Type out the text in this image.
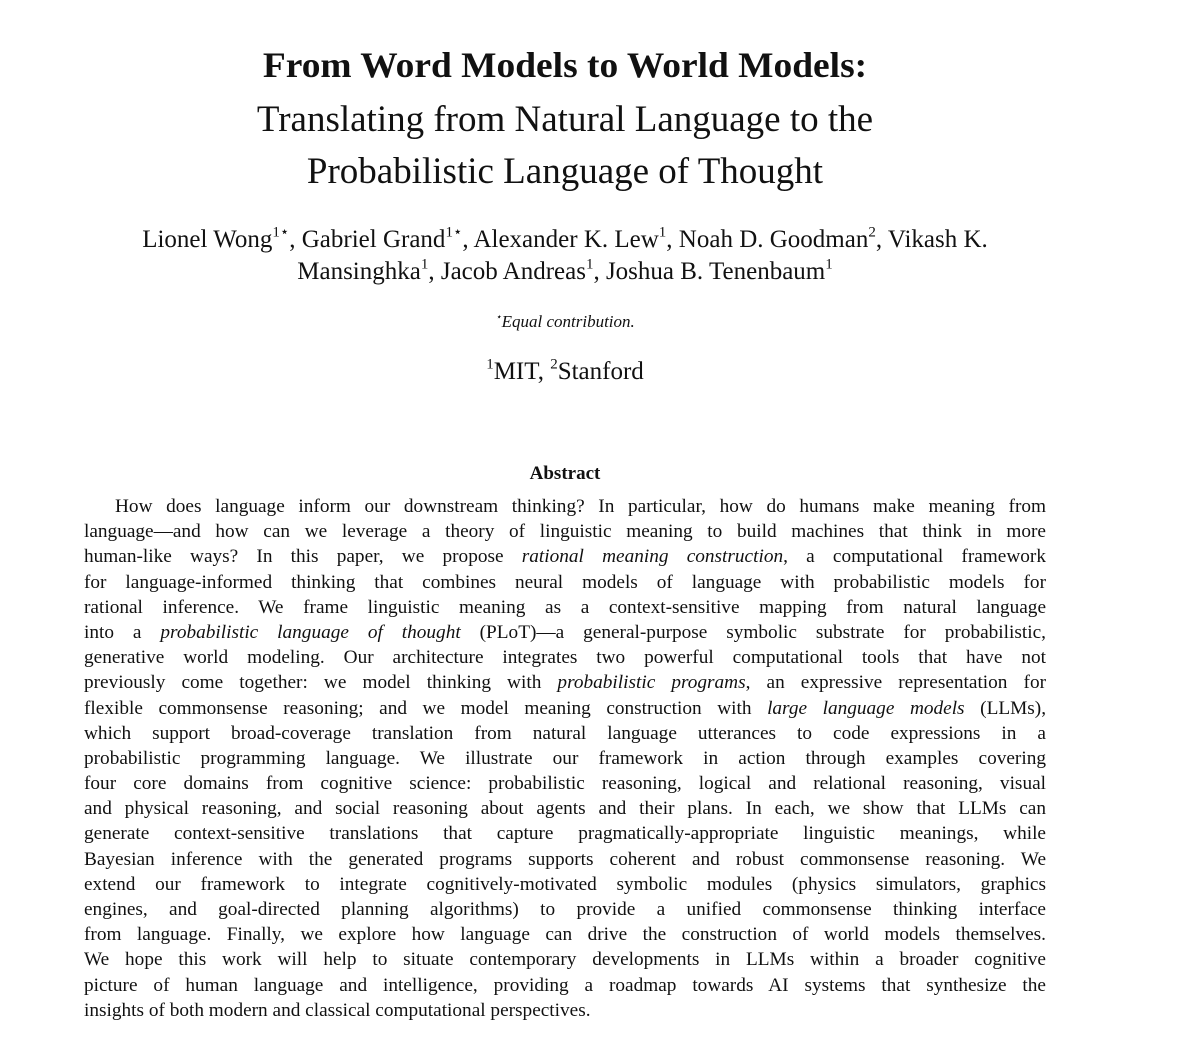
From Word Models to World Models:
Translating from Natural Language to the
Probabilistic Language of Thought
Lionel Wong$^{1⋆}$, Gabriel Grand$^{1⋆}$, Alexander K. Lew$^1$, Noah D. Goodman$^2$, Vikash K.
Mansinghka$^1$, Jacob Andreas$^1$, Joshua B. Tenenbaum$^1$
⋆Equal contribution.
$^1$MIT, $^2$Stanford
Abstract
How does language inform our downstream thinking? In particular, how do humans make meaning from
language—and how can we leverage a theory of linguistic meaning to build machines that think in more
human-like ways? In this paper, we propose rational meaning construction, a computational framework
for language-informed thinking that combines neural models of language with probabilistic models for
rational inference. We frame linguistic meaning as a context-sensitive mapping from natural language
into a probabilistic language of thought (PLoT)—a general-purpose symbolic substrate for probabilistic,
generative world modeling. Our architecture integrates two powerful computational tools that have not
previously come together: we model thinking with probabilistic programs, an expressive representation for
flexible commonsense reasoning; and we model meaning construction with large language models (LLMs),
which support broad-coverage translation from natural language utterances to code expressions in a
probabilistic programming language. We illustrate our framework in action through examples covering
four core domains from cognitive science: probabilistic reasoning, logical and relational reasoning, visual
and physical reasoning, and social reasoning about agents and their plans. In each, we show that LLMs can
generate context-sensitive translations that capture pragmatically-appropriate linguistic meanings, while
Bayesian inference with the generated programs supports coherent and robust commonsense reasoning. We
extend our framework to integrate cognitively-motivated symbolic modules (physics simulators, graphics
engines, and goal-directed planning algorithms) to provide a unified commonsense thinking interface
from language. Finally, we explore how language can drive the construction of world models themselves.
We hope this work will help to situate contemporary developments in LLMs within a broader cognitive
picture of human language and intelligence, providing a roadmap towards AI systems that synthesize the
insights of both modern and classical computational perspectives.
